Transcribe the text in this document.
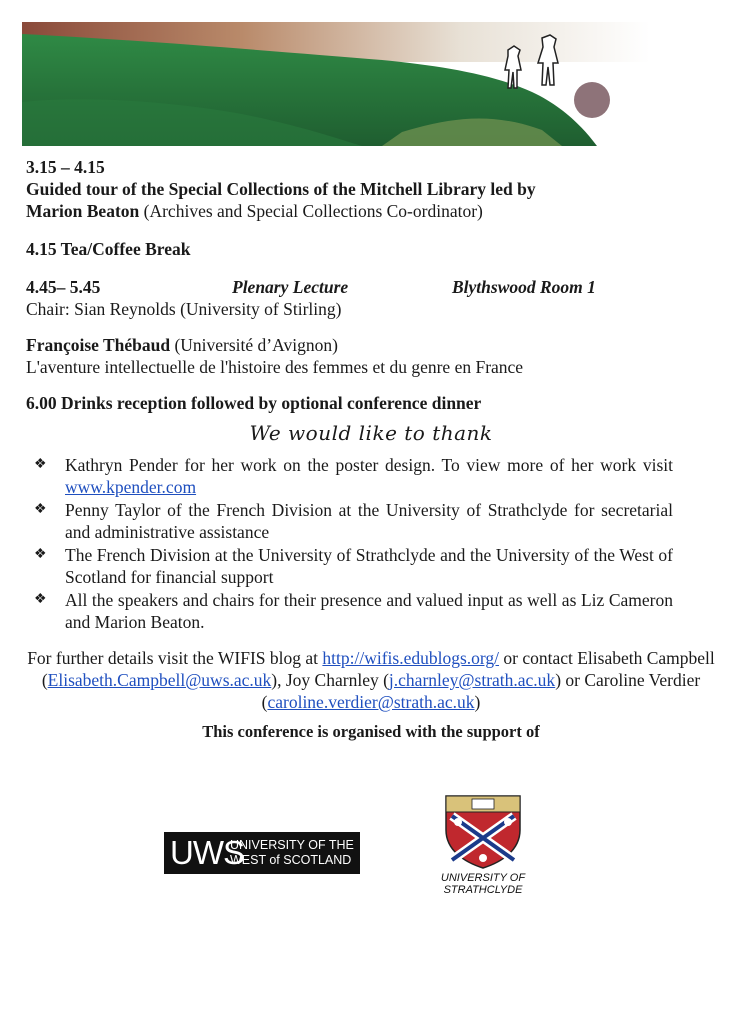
3.15 – 4.15

Guided tour of the Special Collections of the Mitchell Library led by

Marion Beaton (Archives and Special Collections Co-ordinator)

4.15 Tea/Coffee Break

4.45– 5.45	Plenary Lecture	Blythswood Room 1

Chair: Sian Reynolds (University of Stirling)

Françoise Thébaud (Université d’Avignon)

L'aventure intellectuelle de l'histoire des femmes et du genre en France

6.00 Drinks reception followed by optional conference dinner

We would like to thank

❖ Kathryn Pender for her work on the poster design. To view more of her work visit www.kpender.com
❖ Penny Taylor of the French Division at the University of Strathclyde for secretarial and administrative assistance
❖ The French Division at the University of Strathclyde and the University of the West of Scotland for financial support
❖ All the speakers and chairs for their presence and valued input as well as Liz Cameron and Marion Beaton.

For further details visit the WIFIS blog at http://wifis.edublogs.org/ or contact Elisabeth Campbell (Elisabeth.Campbell@uws.ac.uk), Joy Charnley (j.charnley@strath.ac.uk) or Caroline Verdier (caroline.verdier@strath.ac.uk)

This conference is organised with the support of

UWS
UNIVERSITY OF THE
WEST of SCOTLAND
UNIVERSITY OF
STRATHCLYDE
